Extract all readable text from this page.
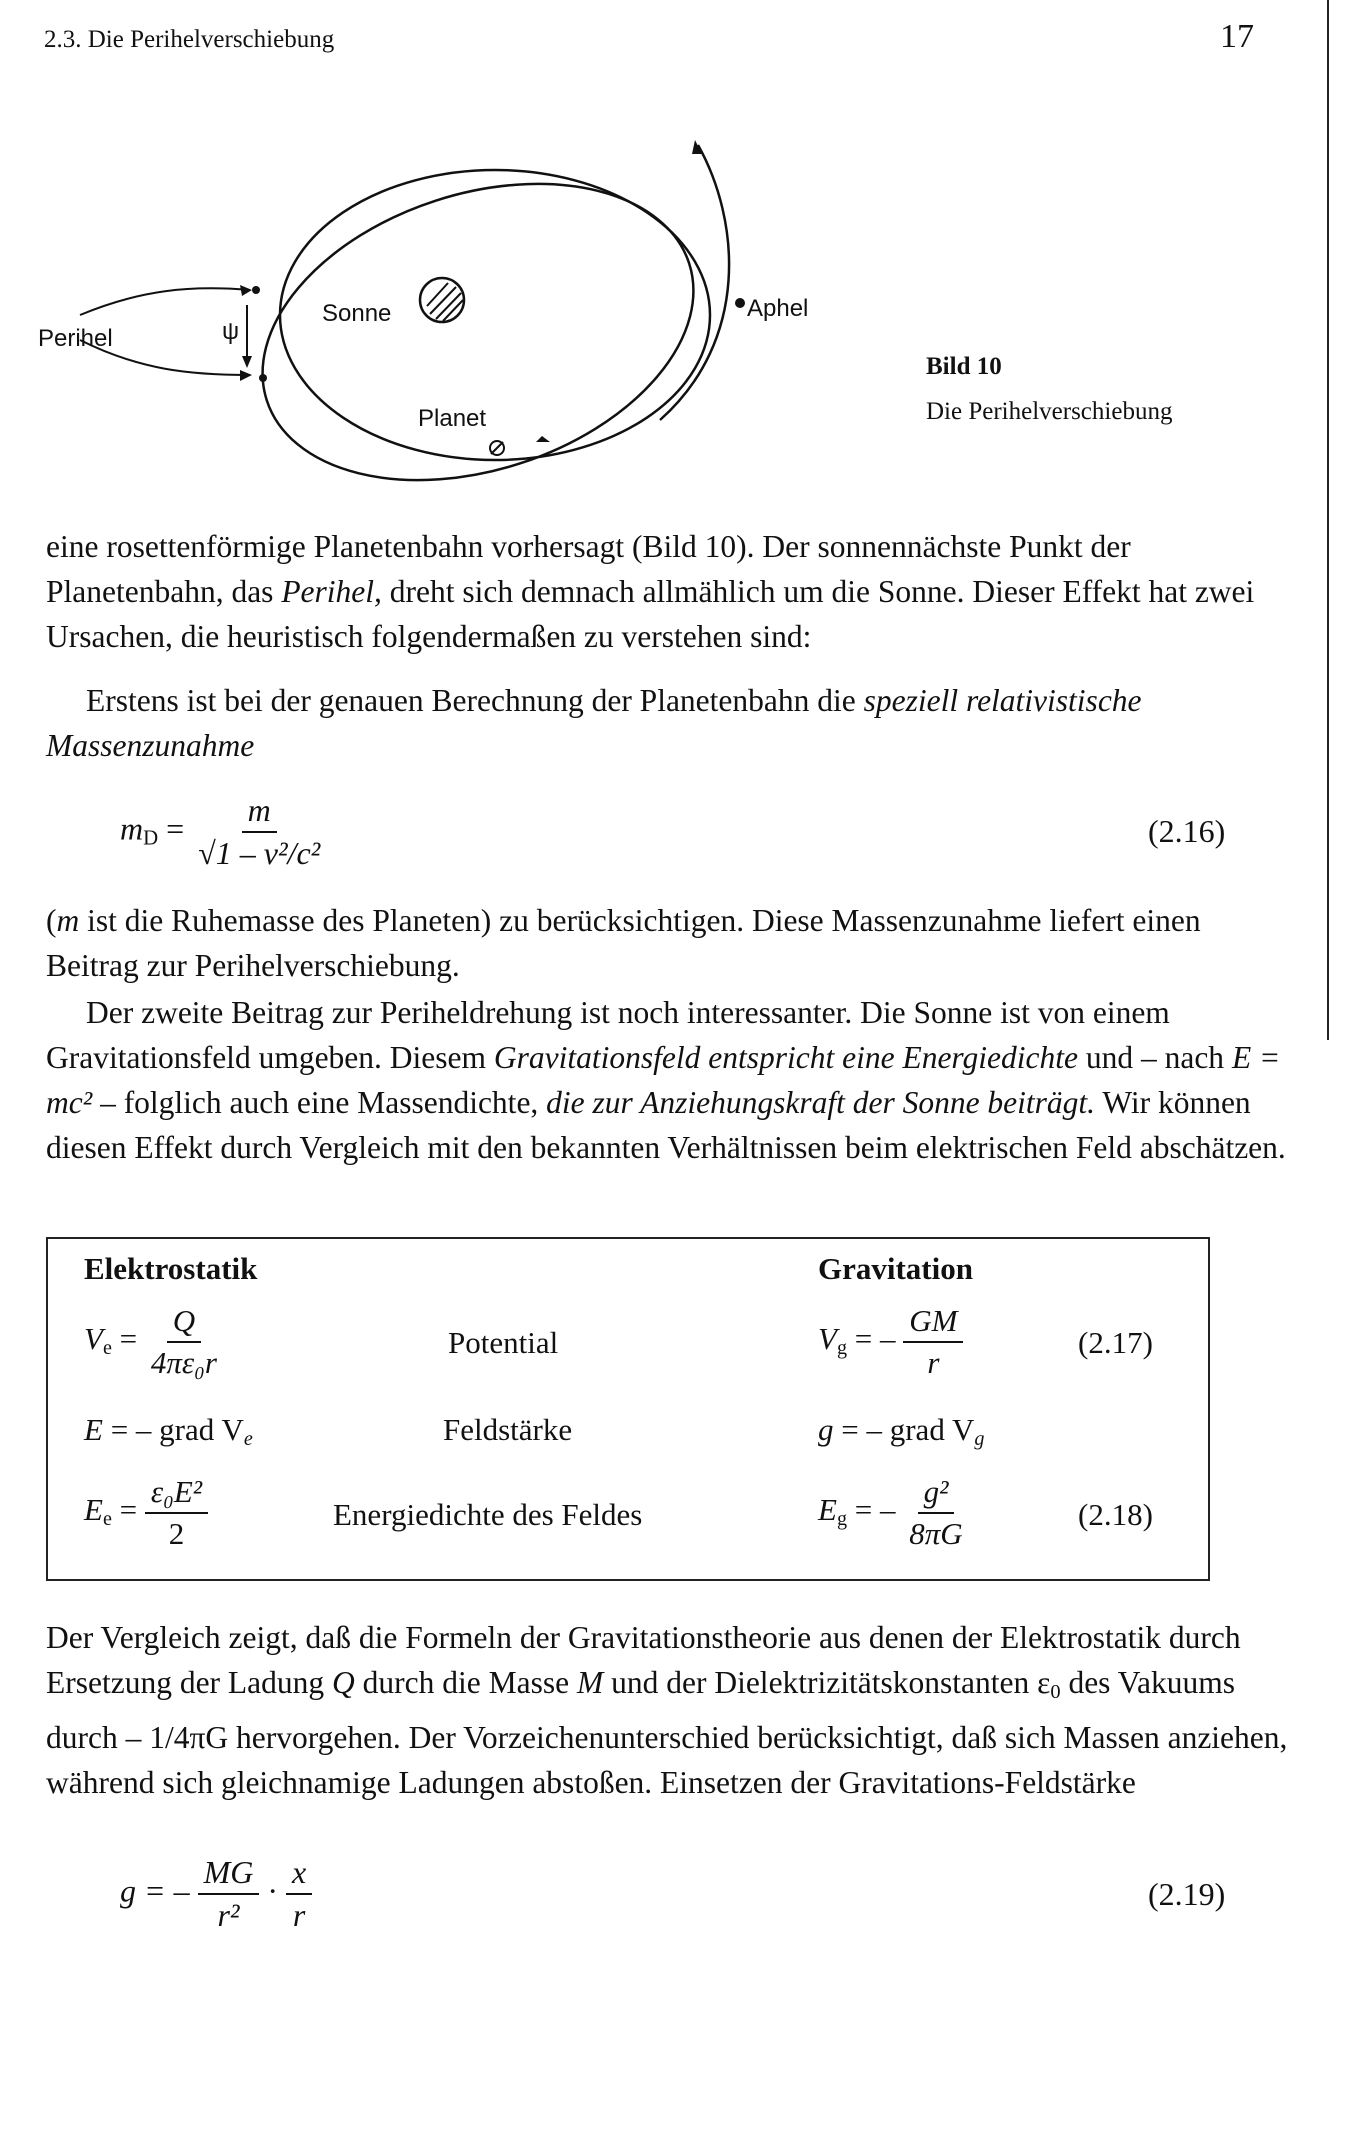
2.3. Die Perihelverschiebung	17
Perihel	ψ
Sonne	Aphel
Planet
Bild 10
Die Perihelverschiebung

eine rosettenförmige Planetenbahn vorhersagt (Bild 10). Der sonnennächste Punkt der Planetenbahn, das Perihel, dreht sich demnach allmählich um die Sonne. Dieser Effekt hat zwei Ursachen, die heuristisch folgendermaßen zu verstehen sind:

Erstens ist bei der genauen Berechnung der Planetenbahn die speziell relativistische Massenzunahme

$m_D = \frac{m}{\text{√1 – v²/c²}}$	(2.16)

(m ist die Ruhemasse des Planeten) zu berücksichtigen. Diese Massenzunahme liefert einen Beitrag zur Perihelverschiebung.

Der zweite Beitrag zur Periheldrehung ist noch interessanter. Die Sonne ist von einem Gravitationsfeld umgeben. Diesem Gravitationsfeld entspricht eine Energiedichte und – nach E = mc² – folglich auch eine Massendichte, die zur Anziehungskraft der Sonne beiträgt. Wir können diesen Effekt durch Vergleich mit den bekannten Verhältnissen beim elektrischen Feld abschätzen.

Elektrostatik	Gravitation
$V_e = \frac{Q}{\text{4πε₀r}}$	Potential	$V_g$ = – $\frac{GM}{r}$	(2.17)
E = – grad $V_e$	Feldstärke	g = – grad $V_g$
$E_e = \frac{\text{ε₀E²}}{2}$	Energiedichte des Feldes	$E_g$ = – $\frac{\text{g²}}{8\pi G}$	(2.18)

Der Vergleich zeigt, daß die Formeln der Gravitationstheorie aus denen der Elektrostatik durch Ersetzung der Ladung Q durch die Masse M und der Dielektrizitätskonstanten $\varepsilon_0$ des Vakuums durch – 1/4πG hervorgehen. Der Vorzeichenunterschied berücksichtigt, daß sich Massen anziehen, während sich gleichnamige Ladungen abstoßen. Einsetzen der Gravitations-Feldstärke

g = – $\frac{MG}{\text{r²}} \cdot \frac{x}{r}$	(2.19)
